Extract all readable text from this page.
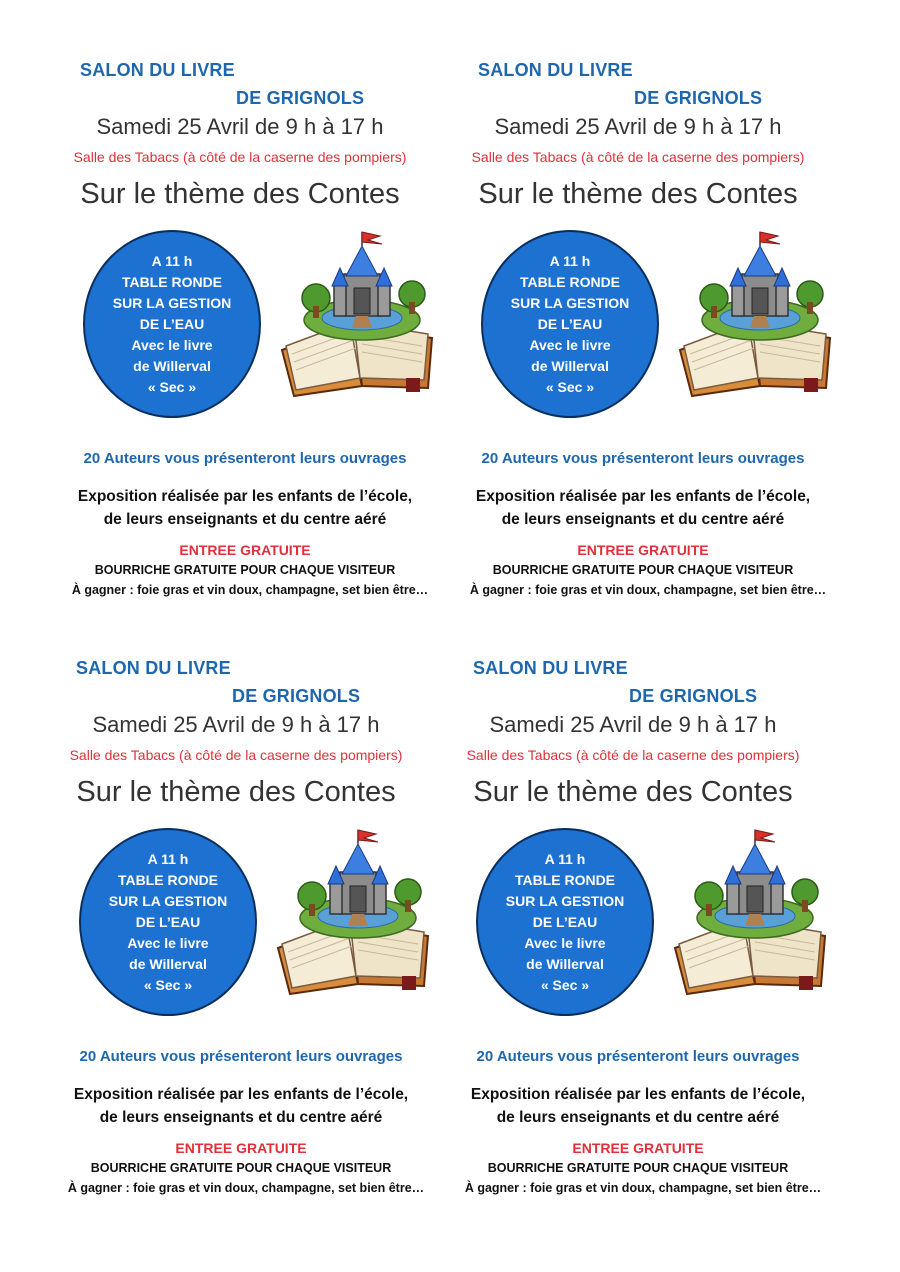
SALON DU LIVRE
DE GRIGNOLS
Samedi 25 Avril de 9 h à 17 h
Salle des Tabacs (à côté de la caserne des pompiers)
Sur le thème des Contes
A 11 h
TABLE RONDE
SUR LA GESTION
DE L’EAU
Avec le livre
de Willerval
« Sec »
20 Auteurs vous présenteront leurs ouvrages
Exposition réalisée par les enfants de l’école,
de leurs enseignants et du centre aéré
ENTREE GRATUITE
BOURRICHE GRATUITE POUR CHAQUE VISITEUR
À gagner : foie gras et vin doux, champagne, set bien être…
SALON DU LIVRE
DE GRIGNOLS
Samedi 25 Avril de 9 h à 17 h
Salle des Tabacs (à côté de la caserne des pompiers)
Sur le thème des Contes
A 11 h
TABLE RONDE
SUR LA GESTION
DE L’EAU
Avec le livre
de Willerval
« Sec »
20 Auteurs vous présenteront leurs ouvrages
Exposition réalisée par les enfants de l’école,
de leurs enseignants et du centre aéré
ENTREE GRATUITE
BOURRICHE GRATUITE POUR CHAQUE VISITEUR
À gagner : foie gras et vin doux, champagne, set bien être…
SALON DU LIVRE
DE GRIGNOLS
Samedi 25 Avril de 9 h à 17 h
Salle des Tabacs (à côté de la caserne des pompiers)
Sur le thème des Contes
A 11 h
TABLE RONDE
SUR LA GESTION
DE L’EAU
Avec le livre
de Willerval
« Sec »
20 Auteurs vous présenteront leurs ouvrages
Exposition réalisée par les enfants de l’école,
de leurs enseignants et du centre aéré
ENTREE GRATUITE
BOURRICHE GRATUITE POUR CHAQUE VISITEUR
À gagner : foie gras et vin doux, champagne, set bien être…
SALON DU LIVRE
DE GRIGNOLS
Samedi 25 Avril de 9 h à 17 h
Salle des Tabacs (à côté de la caserne des pompiers)
Sur le thème des Contes
A 11 h
TABLE RONDE
SUR LA GESTION
DE L’EAU
Avec le livre
de Willerval
« Sec »
20 Auteurs vous présenteront leurs ouvrages
Exposition réalisée par les enfants de l’école,
de leurs enseignants et du centre aéré
ENTREE GRATUITE
BOURRICHE GRATUITE POUR CHAQUE VISITEUR
À gagner : foie gras et vin doux, champagne, set bien être…
